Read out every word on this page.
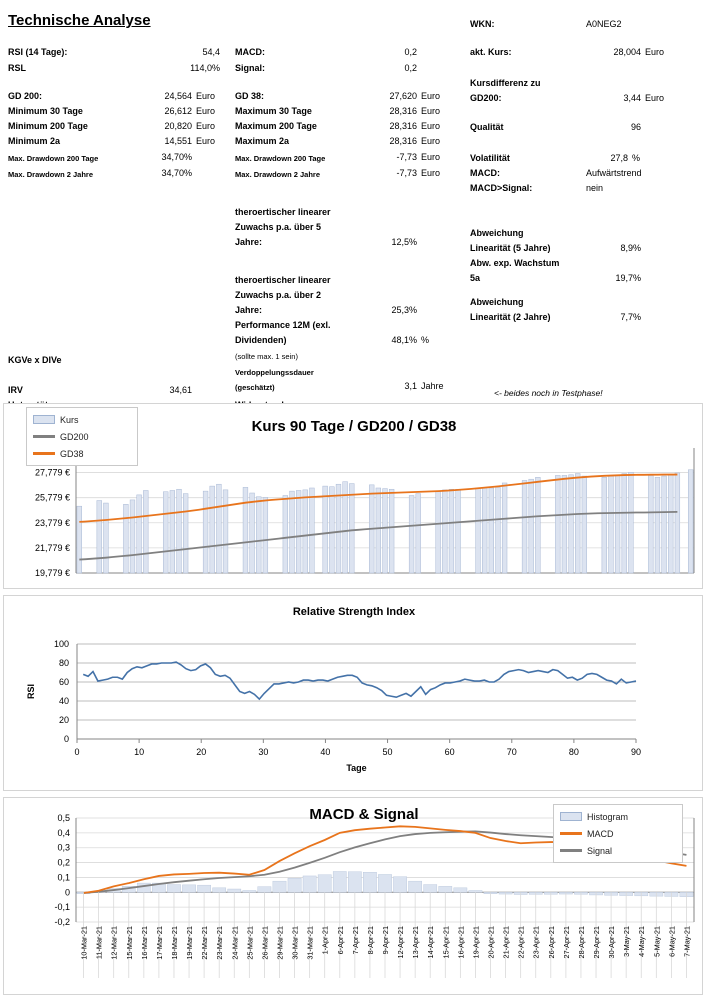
Technische Analyse
RSI (14 Tage):	54,4
RSL	114,0%
GD 200:	24,564 Euro
Minimum 30 Tage	26,612 Euro
Minimum 200 Tage	20,820 Euro
Minimum 2a	14,551 Euro
Max. Drawdown 200 Tage	34,70%
Max. Drawdown 2 Jahre	34,70%
KGVe x DIVe
IRV	34,61
MACD:	0,2
Signal:	0,2
GD 38:	27,620 Euro
Maximum 30 Tage	28,316 Euro
Maximum 200 Tage	28,316 Euro
Maximum 2a	28,316 Euro
Max. Drawdown 200 Tage	-7,73 Euro
Max. Drawdown 2 Jahre	-7,73 Euro
theroertischer linearer
Zuwachs p.a. über 5
Jahre:	12,5%
theroertischer linearer
Zuwachs p.a. über 2
Jahre:	25,3%
Performance 12M (exl.
Dividenden)	48,1% %
(sollte max. 1 sein)
Verdoppelungssdauer
(geschätzt)	3,1 Jahre
WKN:	A0NEG2
akt. Kurs:	28,004 Euro
Kursdifferenz zu
GD200:	3,44 Euro
Qualität	96
Volatilität	27,8 %
MACD:	Aufwärtstrend
MACD>Signal:	nein
Abweichung
Linearität (5 Jahre)	8,9%
Abw. exp. Wachstum
5a	19,7%
Abweichung
Linearität (2 Jahre)	7,7%
<- beides noch in Testphase!
Kurs 90 Tage / GD200 / GD38
Kurs
GD200
GD38
19,779 €
21,779 €
23,779 €
25,779 €
27,779 €
Relative Strength Index
0
20
40
60
80
100
0	10	20	30	40	50	60	70	80	90
RSI
Tage
MACD & Signal	Histogram
MACD
Signal
-0,2
-0,1
0
0,1
0,2
0,3
0,4
0,5
10-Mar-21 11-Mar-21 12-Mar-21 15-Mar-21 16-Mar-21 17-Mar-21 18-Mar-21 19-Mar-21 22-Mar-21 23-Mar-21 24-Mar-21 25-Mar-21 26-Mar-21 29-Mar-21 30-Mar-21 31-Mar-21 1-Apr-21 6-Apr-21 7-Apr-21 8-Apr-21 9-Apr-21 12-Apr-21 13-Apr-21 14-Apr-21 15-Apr-21 16-Apr-21 19-Apr-21 20-Apr-21 21-Apr-21 22-Apr-21 23-Apr-21 26-Apr-21 27-Apr-21 28-Apr-21 29-Apr-21 30-Apr-21 3-May-21 4-May-21 5-May-21 6-May-21 7-May-21
